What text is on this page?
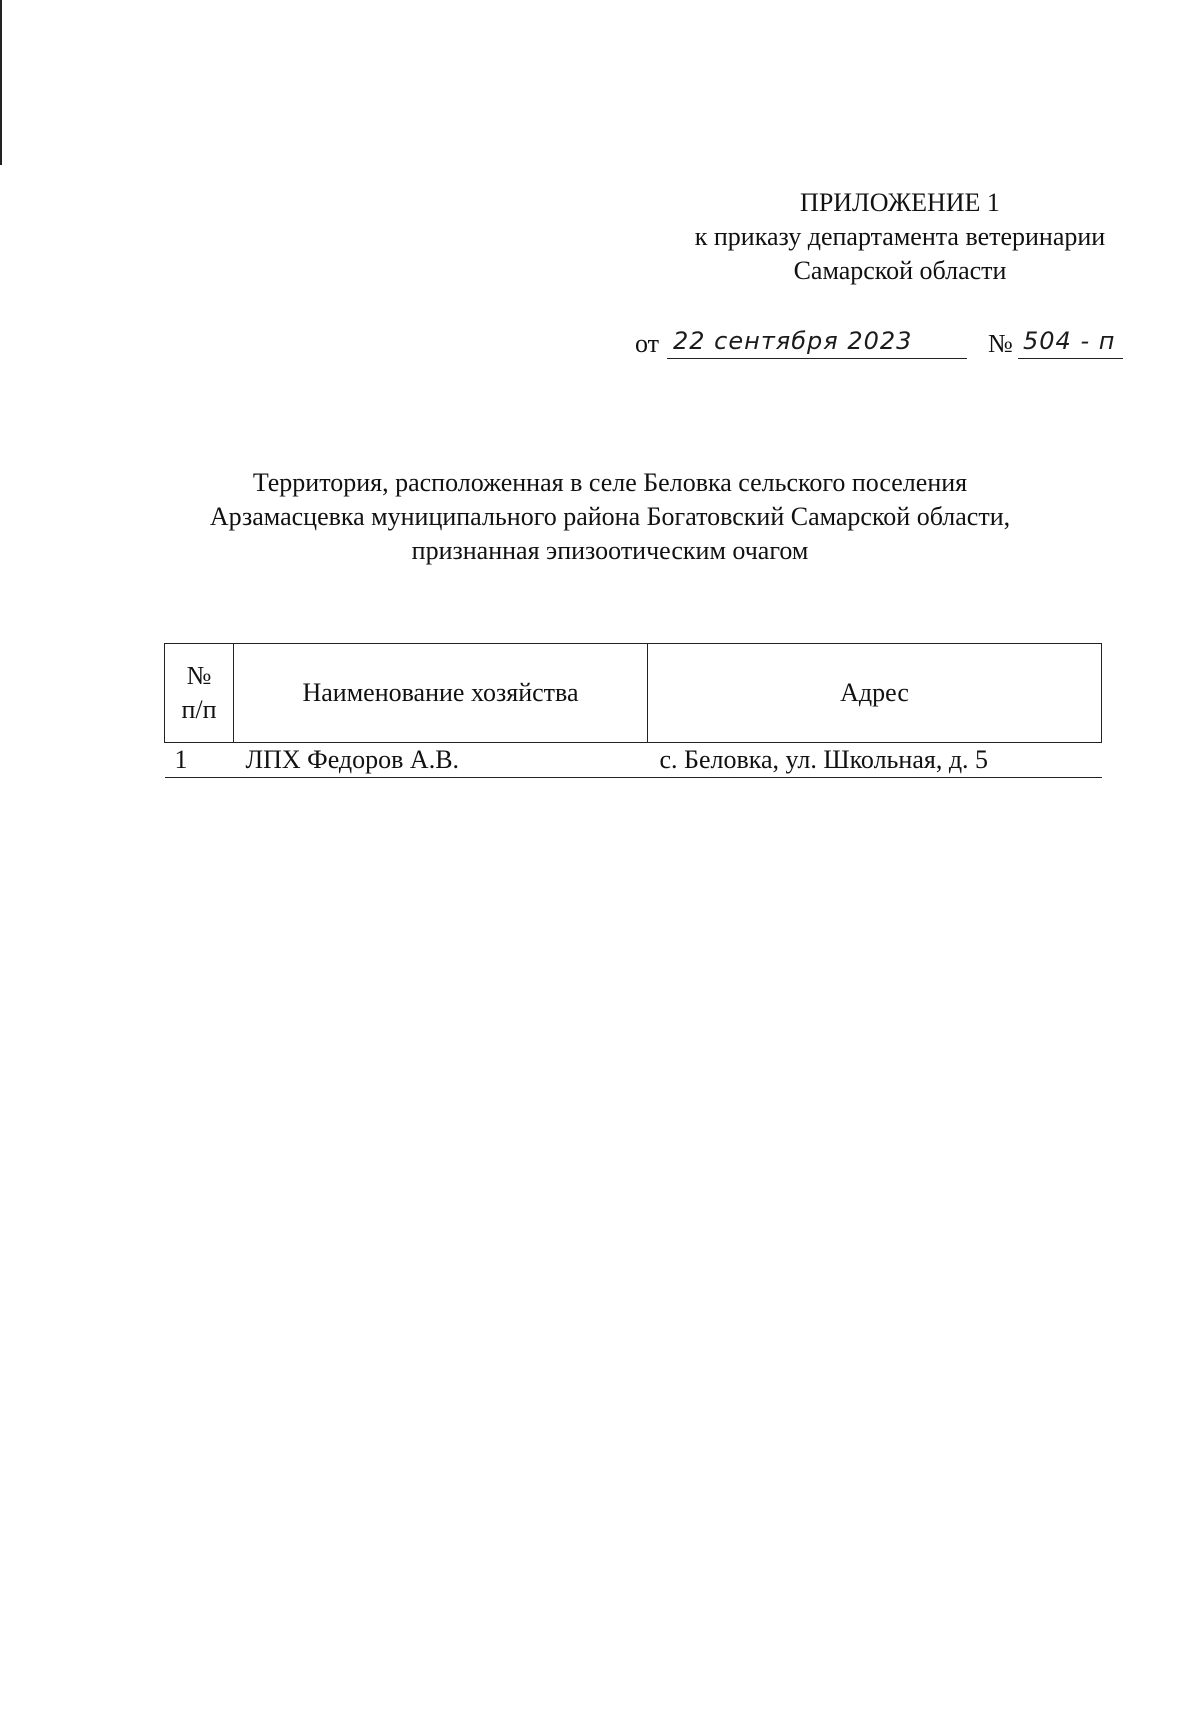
ПРИЛОЖЕНИЕ 1
к приказу департамента ветеринарии
Самарской области
от 22 сентября 2023	№ 504 - п
Территория, расположенная в селе Беловка сельского поселения
Арзамасцевка муниципального района Богатовский Самарской области,
признанная эпизоотическим очагом
№
п/п	Наименование хозяйства	Адрес
1	ЛПХ Федоров А.В.	с. Беловка, ул. Школьная, д. 5
